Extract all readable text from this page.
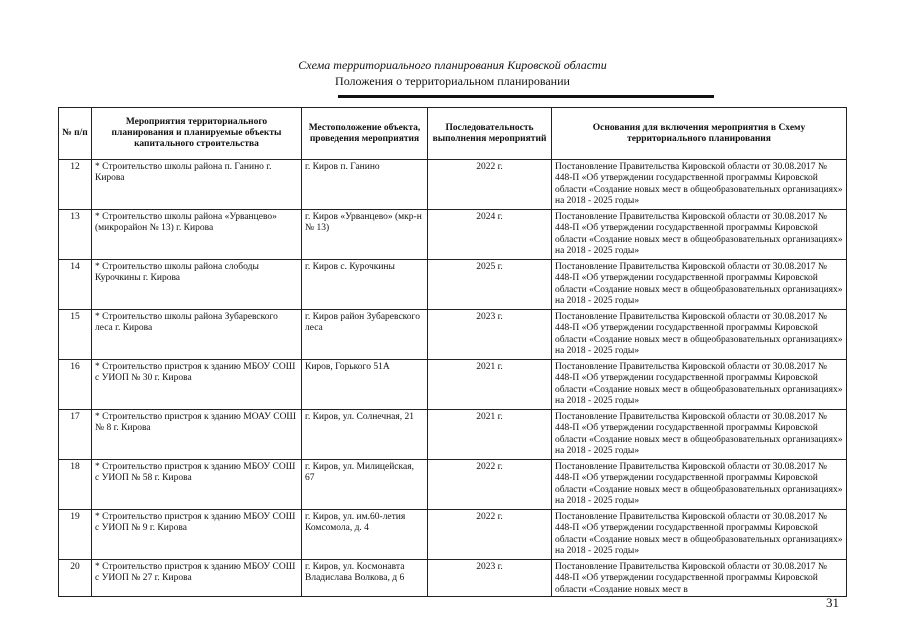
Схема территориального планирования Кировской области
Положения о территориальном планировании
№ п/п	Мероприятия территориального планирования и планируемые объекты капитального строительства	Местоположение объекта, проведения мероприятия	Последовательность выполнения мероприятий	Основания для включения мероприятия в Схему территориального планирования
12	* Строительство школы района п. Ганино г. Кирова	г. Киров п. Ганино	2022 г.	Постановление Правительства Кировской области от 30.08.2017 № 448-П «Об утверждении государственной программы Кировской области «Создание новых мест в общеобразовательных организациях» на 2018 - 2025 годы»
13	* Строительство школы района «Урванцево» (микрорайон № 13) г. Кирова	г. Киров «Урванцево» (мкр-н № 13)	2024 г.	Постановление Правительства Кировской области от 30.08.2017 № 448-П «Об утверждении государственной программы Кировской области «Создание новых мест в общеобразовательных организациях» на 2018 - 2025 годы»
14	* Строительство школы района слободы Курочкины г. Кирова	г. Киров с. Курочкины	2025 г.	Постановление Правительства Кировской области от 30.08.2017 № 448-П «Об утверждении государственной программы Кировской области «Создание новых мест в общеобразовательных организациях» на 2018 - 2025 годы»
15	* Строительство школы района Зубаревского леса г. Кирова	г. Киров район Зубаревского леса	2023 г.	Постановление Правительства Кировской области от 30.08.2017 № 448-П «Об утверждении государственной программы Кировской области «Создание новых мест в общеобразовательных организациях» на 2018 - 2025 годы»
16	* Строительство пристроя к зданию МБОУ СОШ с УИОП № 30 г. Кирова	Киров, Горького 51А	2021 г.	Постановление Правительства Кировской области от 30.08.2017 № 448-П «Об утверждении государственной программы Кировской области «Создание новых мест в общеобразовательных организациях» на 2018 - 2025 годы»
17	* Строительство пристроя к зданию МОАУ СОШ № 8 г. Кирова	г. Киров, ул. Солнечная, 21	2021 г.	Постановление Правительства Кировской области от 30.08.2017 № 448-П «Об утверждении государственной программы Кировской области «Создание новых мест в общеобразовательных организациях» на 2018 - 2025 годы»
18	* Строительство пристроя к зданию МБОУ СОШ с УИОП № 58 г. Кирова	г. Киров, ул. Милицейская, 67	2022 г.	Постановление Правительства Кировской области от 30.08.2017 № 448-П «Об утверждении государственной программы Кировской области «Создание новых мест в общеобразовательных организациях» на 2018 - 2025 годы»
19	* Строительство пристроя к зданию МБОУ СОШ с УИОП № 9 г. Кирова	г. Киров, ул. им.60-летия Комсомола, д. 4	2022 г.	Постановление Правительства Кировской области от 30.08.2017 № 448-П «Об утверждении государственной программы Кировской области «Создание новых мест в общеобразовательных организациях» на 2018 - 2025 годы»
20	* Строительство пристроя к зданию МБОУ СОШ с УИОП № 27 г. Кирова	г. Киров, ул. Космонавта Владислава Волкова, д 6	2023 г.	Постановление Правительства Кировской области от 30.08.2017 № 448-П «Об утверждении государственной программы Кировской области «Создание новых мест в
31
